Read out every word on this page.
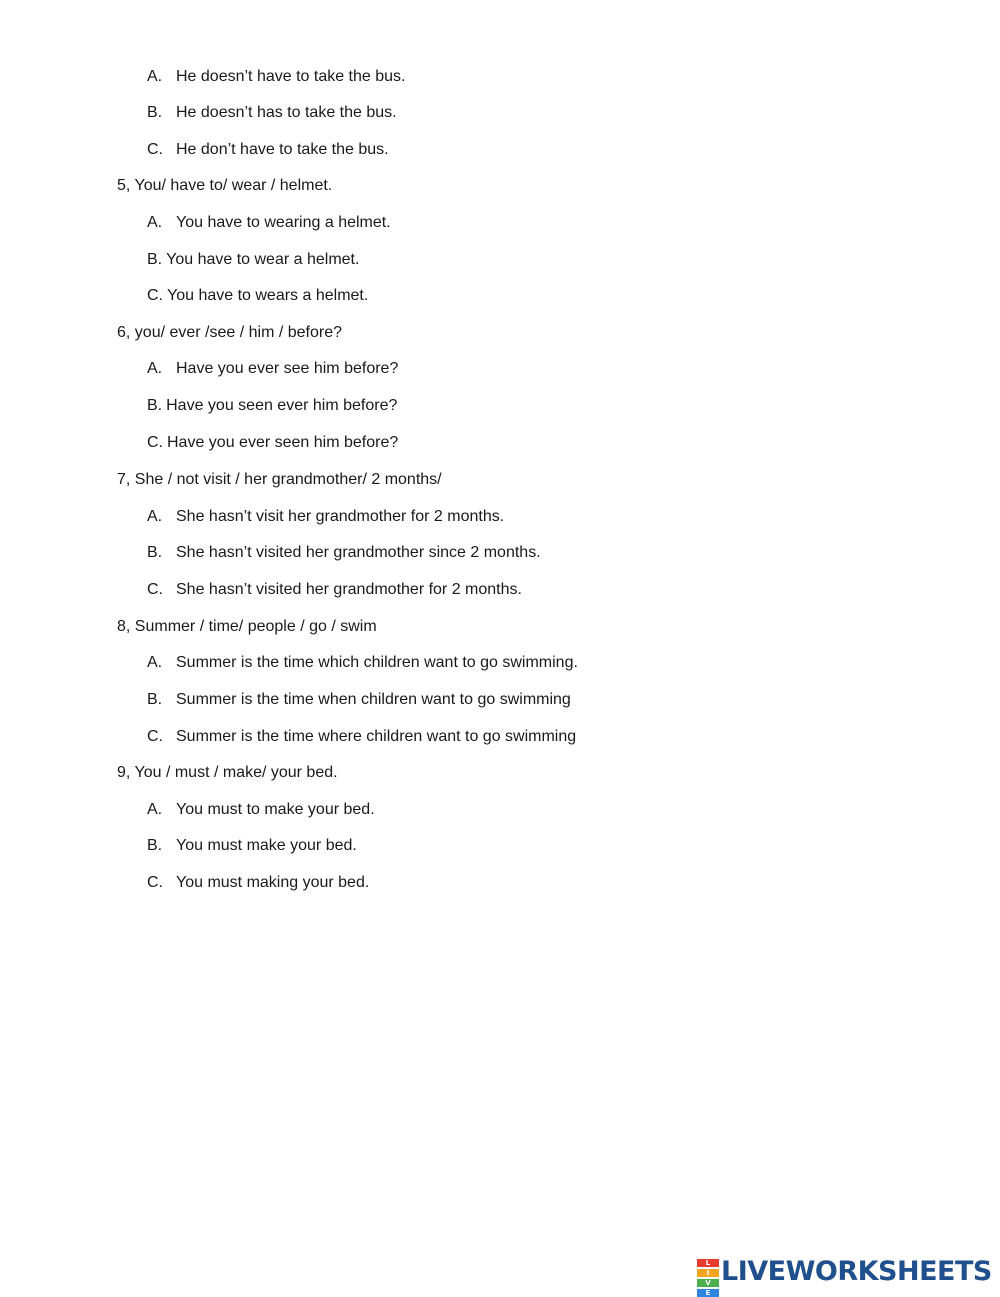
A. He doesn’t have to take the bus.
B. He doesn’t has to take the bus.
C. He don’t have to take the bus.
5, You/ have to/ wear / helmet.
A. You have to wearing a helmet.
B. You have to wear a helmet.
C. You have to wears a helmet.
6, you/ ever /see / him / before?
A. Have you ever see him before?
B. Have you seen ever him before?
C. Have you ever seen him before?
7, She / not visit / her grandmother/ 2 months/
A. She hasn’t visit her grandmother for 2 months.
B. She hasn’t visited her grandmother since 2 months.
C. She hasn’t visited her grandmother for 2 months.
8, Summer / time/ people / go / swim
A. Summer is the time which children want to go swimming.
B. Summer is the time when children want to go swimming
C. Summer is the time where children want to go swimming
9, You / must / make/ your bed.
A. You must to make your bed.
B. You must make your bed.
C. You must making your bed.
L
I
V
E
LIVEWORKSHEETS
